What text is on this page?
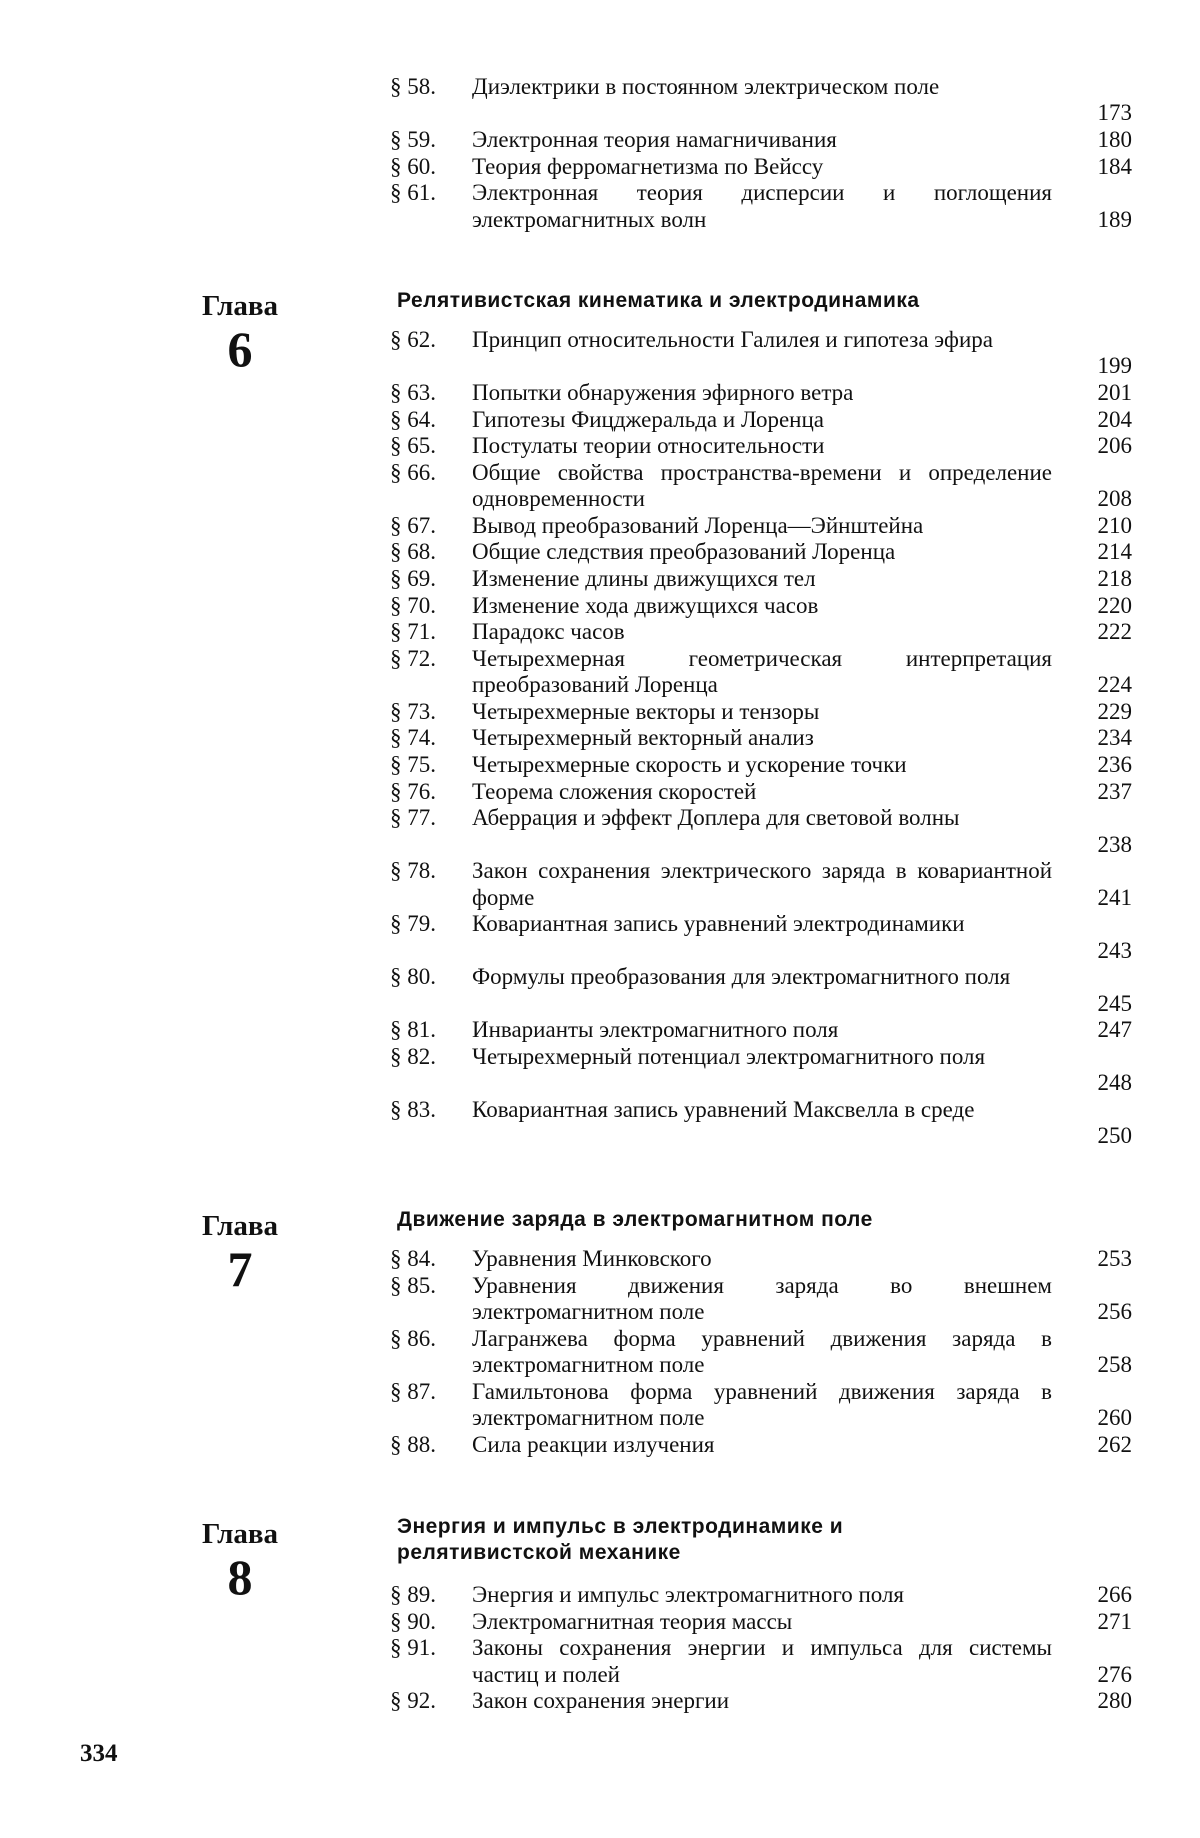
§ 58.	Диэлектрики в постоянном электрическом поле
173
§ 59.	Электронная теория намагничивания	180
§ 60.	Теория ферромагнетизма по Вейссу	184
§ 61.	Электронная теория дисперсии и поглощения электромагнитных волн	189
Глава
6
Релятивистская кинематика и электродинамика
§ 62.	Принцип относительности Галилея и гипотеза эфира
199
§ 63.	Попытки обнаружения эфирного ветра	201
§ 64.	Гипотезы Фицджеральда и Лоренца	204
§ 65.	Постулаты теории относительности	206
§ 66.	Общие свойства пространства-времени и определение одновременности	208
§ 67.	Вывод преобразований Лоренца—Эйнштейна	210
§ 68.	Общие следствия преобразований Лоренца	214
§ 69.	Изменение длины движущихся тел	218
§ 70.	Изменение хода движущихся часов	220
§ 71.	Парадокс часов	222
§ 72.	Четырехмерная геометрическая интерпретация преобразований Лоренца	224
§ 73.	Четырехмерные векторы и тензоры	229
§ 74.	Четырехмерный векторный анализ	234
§ 75.	Четырехмерные скорость и ускорение точки	236
§ 76.	Теорема сложения скоростей	237
§ 77.	Аберрация и эффект Доплера для световой волны
238
§ 78.	Закон сохранения электрического заряда в ковариантной форме	241
§ 79.	Ковариантная запись уравнений электродинамики
243
§ 80.	Формулы преобразования для электромагнитного поля
245
§ 81.	Инварианты электромагнитного поля	247
§ 82.	Четырехмерный потенциал электромагнитного поля
248
§ 83.	Ковариантная запись уравнений Максвелла в среде
250
Глава
7
Движение заряда в электромагнитном поле
§ 84.	Уравнения Минковского	253
§ 85.	Уравнения движения заряда во внешнем электромагнитном поле	256
§ 86.	Лагранжева форма уравнений движения заряда в электромагнитном поле	258
§ 87.	Гамильтонова форма уравнений движения заряда в электромагнитном поле	260
§ 88.	Сила реакции излучения	262
Глава
8
Энергия и импульс в электродинамике и релятивистской механике
§ 89.	Энергия и импульс электромагнитного поля	266
§ 90.	Электромагнитная теория массы	271
§ 91.	Законы сохранения энергии и импульса для системы частиц и полей	276
§ 92.	Закон сохранения энергии	280
334
